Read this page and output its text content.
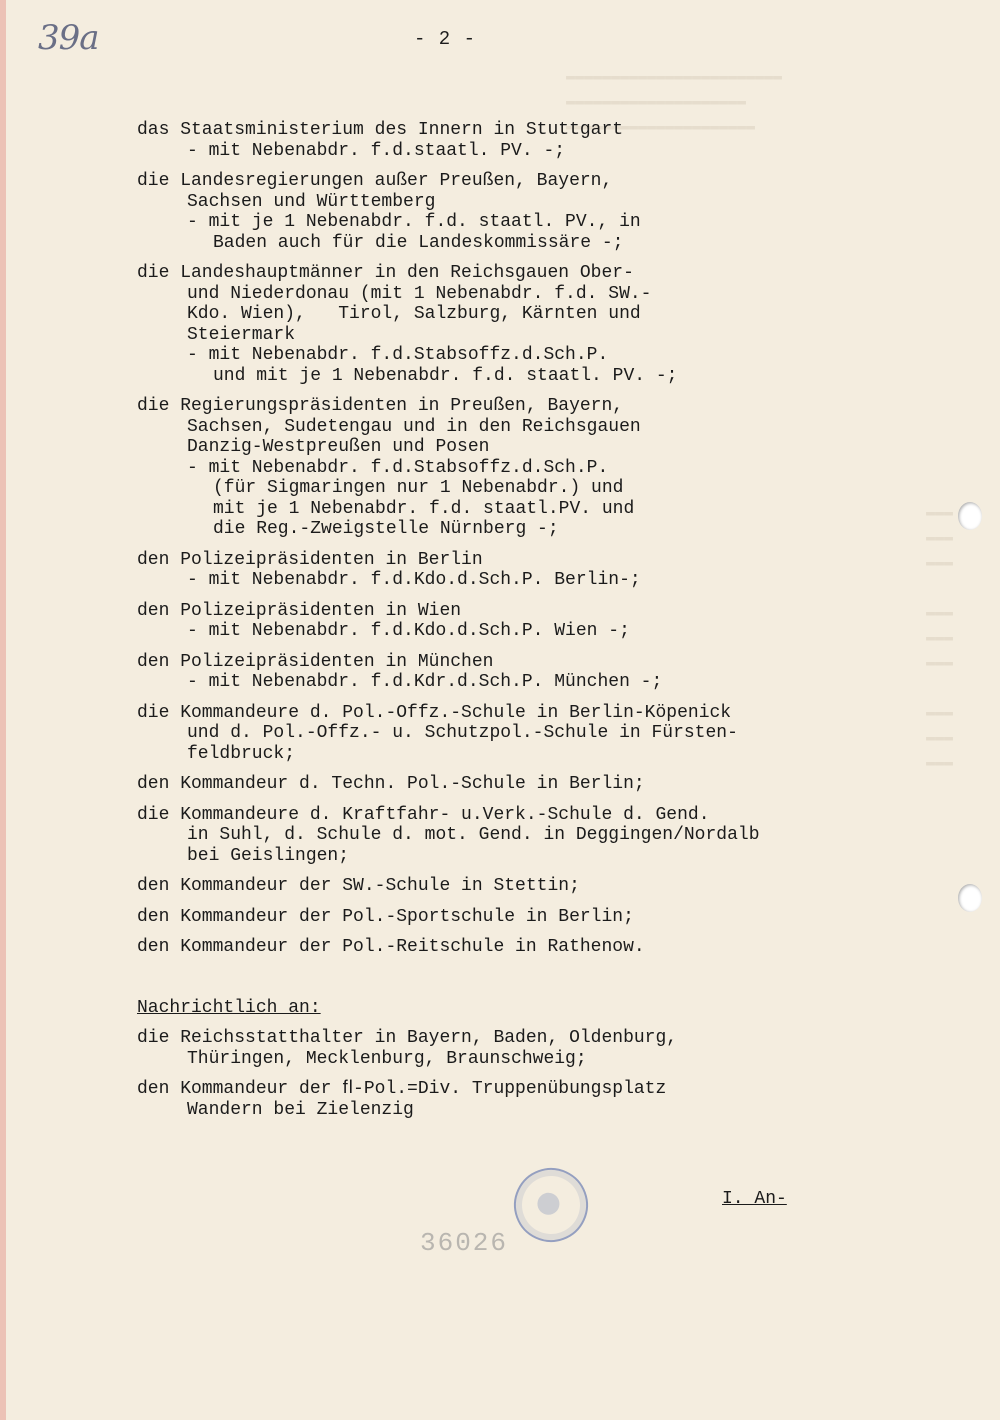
▬▬▬▬▬▬▬▬▬▬▬▬▬▬▬▬▬▬▬▬▬▬▬▬
▬▬▬▬▬▬▬▬▬▬▬▬▬▬▬▬▬▬▬▬
▬▬▬▬▬▬▬▬▬▬▬▬▬▬▬▬▬▬▬▬▬
▬▬▬
▬▬▬
▬▬▬

▬▬▬
▬▬▬
▬▬▬

▬▬▬
▬▬▬
▬▬▬
39a	- 2 -
das Staatsministerium des Innern in Stuttgart
- mit Nebenabdr. f.d.staatl. PV. -;
die Landesregierungen außer Preußen, Bayern,
Sachsen und Württemberg
- mit je 1 Nebenabdr. f.d. staatl. PV., in
Baden auch für die Landeskommissäre -;
die Landeshauptmänner in den Reichsgauen Ober-
und Niederdonau (mit 1 Nebenabdr. f.d. SW.-
Kdo. Wien),   Tirol, Salzburg, Kärnten und
Steiermark
- mit Nebenabdr. f.d.Stabsoffz.d.Sch.P.
und mit je 1 Nebenabdr. f.d. staatl. PV. -;
die Regierungspräsidenten in Preußen, Bayern,
Sachsen, Sudetengau und in den Reichsgauen
Danzig-Westpreußen und Posen
- mit Nebenabdr. f.d.Stabsoffz.d.Sch.P.
(für Sigmaringen nur 1 Nebenabdr.) und
mit je 1 Nebenabdr. f.d. staatl.PV. und
die Reg.-Zweigstelle Nürnberg -;
den Polizeipräsidenten in Berlin
- mit Nebenabdr. f.d.Kdo.d.Sch.P. Berlin-;
den Polizeipräsidenten in Wien
- mit Nebenabdr. f.d.Kdo.d.Sch.P. Wien -;
den Polizeipräsidenten in München
- mit Nebenabdr. f.d.Kdr.d.Sch.P. München -;
die Kommandeure d. Pol.-Offz.-Schule in Berlin-Köpenick
und d. Pol.-Offz.- u. Schutzpol.-Schule in Fürsten-
feldbruck;
den Kommandeur d. Techn. Pol.-Schule in Berlin;
die Kommandeure d. Kraftfahr- u.Verk.-Schule d. Gend.
in Suhl, d. Schule d. mot. Gend. in Deggingen/Nordalb
bei Geislingen;
den Kommandeur der SW.-Schule in Stettin;
den Kommandeur der Pol.-Sportschule in Berlin;
den Kommandeur der Pol.-Reitschule in Rathenow.
Nachrichtlich an:
die Reichsstatthalter in Bayern, Baden, Oldenburg,
Thüringen, Mecklenburg, Braunschweig;
den Kommandeur der ﬂ-Pol.=Div. Truppenübungsplatz
Wandern bei Zielenzig
I. An-
36026
